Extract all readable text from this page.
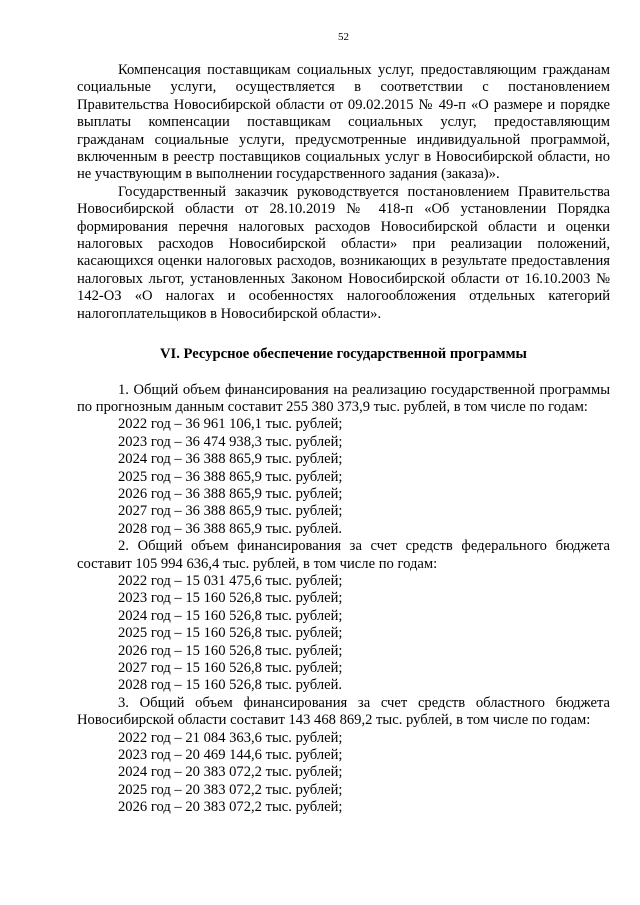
52

Компенсация поставщикам социальных услуг, предоставляющим гражданам социальные услуги, осуществляется в соответствии с постановлением Правительства Новосибирской области от 09.02.2015 № 49-п «О размере и порядке выплаты компенсации поставщикам социальных услуг, предоставляющим гражданам социальные услуги, предусмотренные индивидуальной программой, включенным в реестр поставщиков социальных услуг в Новосибирской области, но не участвующим в выполнении государственного задания (заказа)».

Государственный заказчик руководствуется постановлением Правительства Новосибирской области от 28.10.2019 № 418-п «Об установлении Порядка формирования перечня налоговых расходов Новосибирской области и оценки налоговых расходов Новосибирской области» при реализации положений, касающихся оценки налоговых расходов, возникающих в результате предоставления налоговых льгот, установленных Законом Новосибирской области от 16.10.2003 № 142-ОЗ «О налогах и особенностях налогообложения отдельных категорий налогоплательщиков в Новосибирской области».

VI. Ресурсное обеспечение государственной программы

1. Общий объем финансирования на реализацию государственной программы по прогнозным данным составит 255 380 373,9 тыс. рублей, в том числе по годам:

2022 год – 36 961 106,1 тыс. рублей;

2023 год – 36 474 938,3 тыс. рублей;

2024 год – 36 388 865,9 тыс. рублей;

2025 год – 36 388 865,9 тыс. рублей;

2026 год – 36 388 865,9 тыс. рублей;

2027 год – 36 388 865,9 тыс. рублей;

2028 год – 36 388 865,9 тыс. рублей.

2. Общий объем финансирования за счет средств федерального бюджета составит 105 994 636,4 тыс. рублей, в том числе по годам:

2022 год – 15 031 475,6 тыс. рублей;

2023 год – 15 160 526,8 тыс. рублей;

2024 год – 15 160 526,8 тыс. рублей;

2025 год – 15 160 526,8 тыс. рублей;

2026 год – 15 160 526,8 тыс. рублей;

2027 год – 15 160 526,8 тыс. рублей;

2028 год – 15 160 526,8 тыс. рублей.

3. Общий объем финансирования за счет средств областного бюджета Новосибирской области составит 143 468 869,2 тыс. рублей, в том числе по годам:

2022 год – 21 084 363,6 тыс. рублей;

2023 год – 20 469 144,6 тыс. рублей;

2024 год – 20 383 072,2 тыс. рублей;

2025 год – 20 383 072,2 тыс. рублей;

2026 год – 20 383 072,2 тыс. рублей;
